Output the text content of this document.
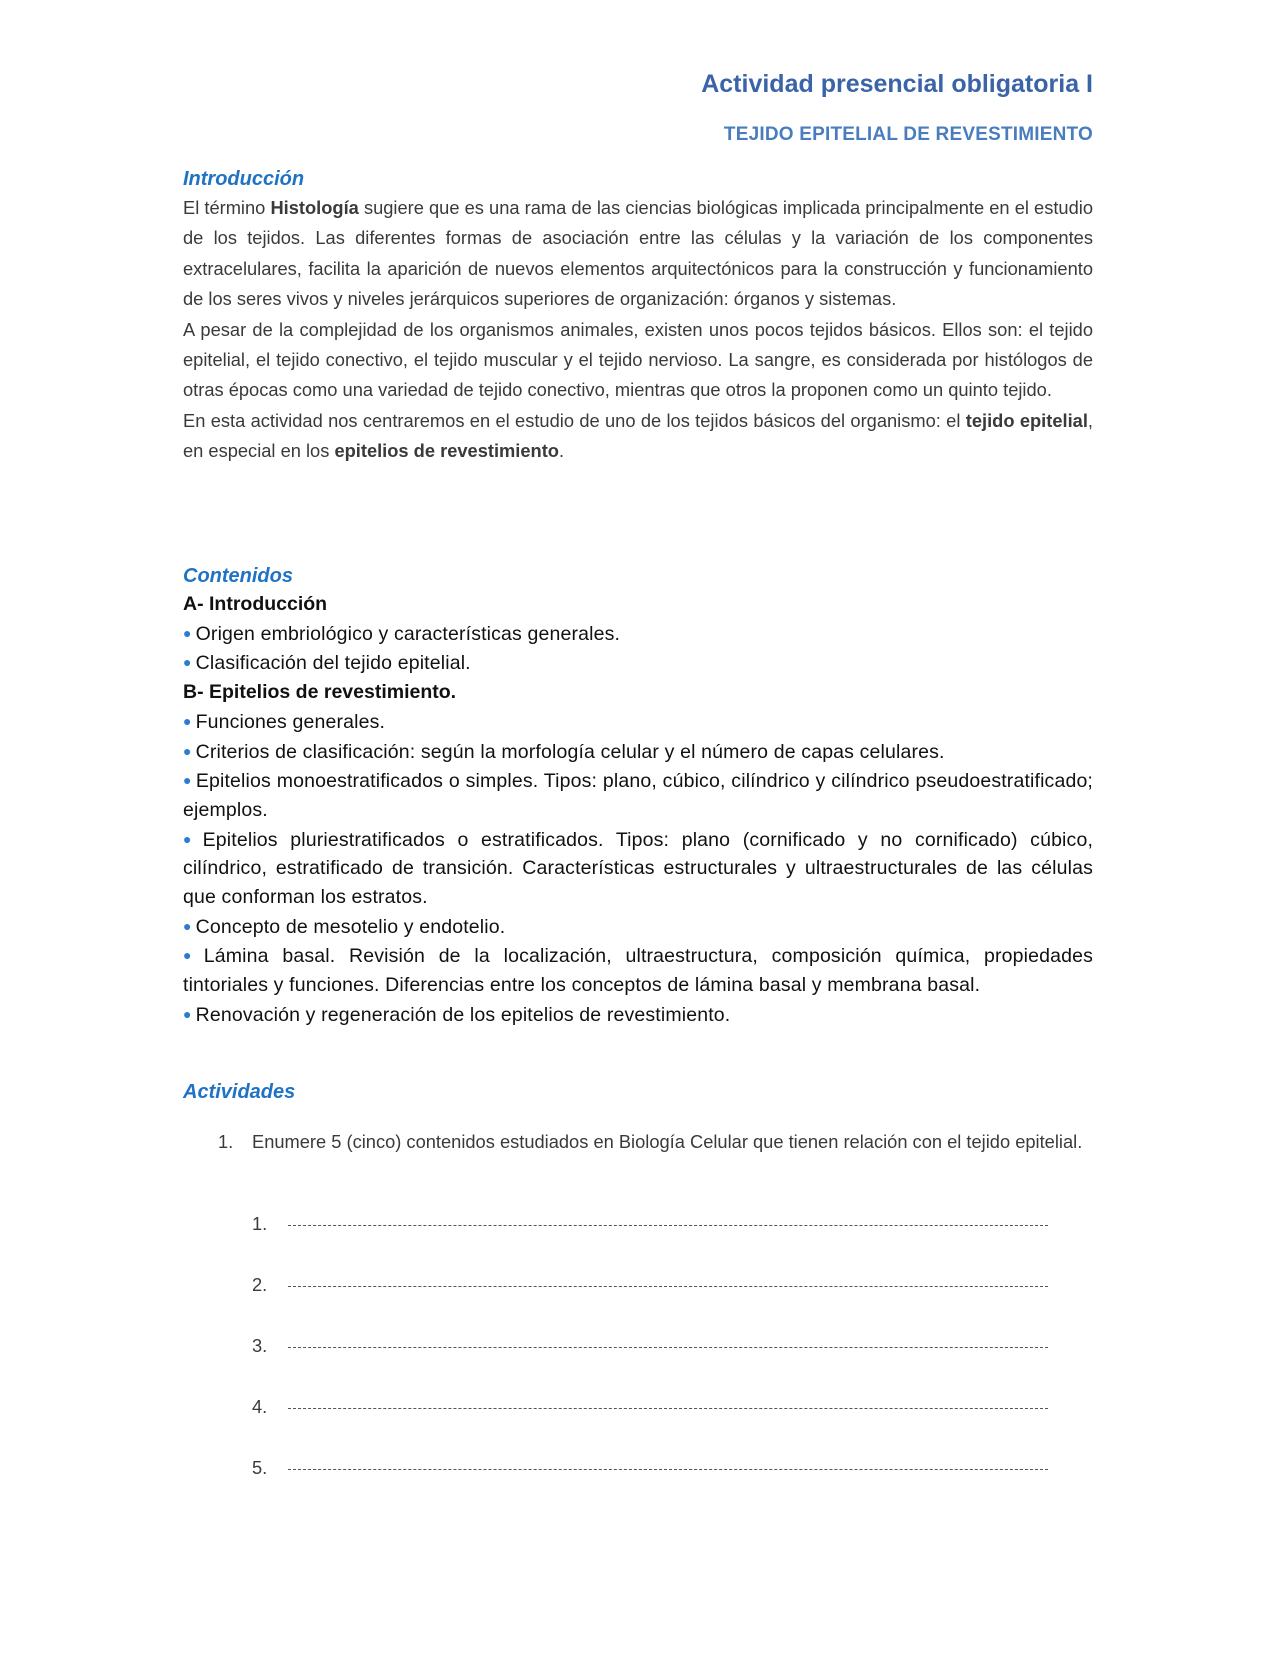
Actividad presencial obligatoria I
TEJIDO EPITELIAL DE REVESTIMIENTO
Introducción

El término Histología sugiere que es una rama de las ciencias biológicas implicada principalmente en el estudio de los tejidos. Las diferentes formas de asociación entre las células y la variación de los componentes extracelulares, facilita la aparición de nuevos elementos arquitectónicos para la construcción y funcionamiento de los seres vivos y niveles jerárquicos superiores de organización: órganos y sistemas.

A pesar de la complejidad de los organismos animales, existen unos pocos tejidos básicos. Ellos son: el tejido epitelial, el tejido conectivo, el tejido muscular y el tejido nervioso. La sangre, es considerada por histólogos de otras épocas como una variedad de tejido conectivo, mientras que otros la proponen como un quinto tejido.

En esta actividad nos centraremos en el estudio de uno de los tejidos básicos del organismo: el tejido epitelial, en especial en los epitelios de revestimiento.

Contenidos

A- Introducción

● Origen embriológico y características generales.

● Clasificación del tejido epitelial.

B- Epitelios de revestimiento.

● Funciones generales.

● Criterios de clasificación: según la morfología celular y el número de capas celulares.

● Epitelios monoestratificados o simples. Tipos: plano, cúbico, cilíndrico y cilíndrico pseudoestratificado; ejemplos.

● Epitelios pluriestratificados o estratificados. Tipos: plano (cornificado y no cornificado) cúbico, cilíndrico, estratificado de transición. Características estructurales y ultraestructurales de las células que conforman los estratos.

● Concepto de mesotelio y endotelio.

● Lámina basal. Revisión de la localización, ultraestructura, composición química, propiedades tintoriales y funciones. Diferencias entre los conceptos de lámina basal y membrana basal.

● Renovación y regeneración de los epitelios de revestimiento.

Actividades
1.	Enumere 5 (cinco) contenidos estudiados en Biología Celular que tienen relación con el tejido epitelial.
1.
2.
3.
4.
5.
